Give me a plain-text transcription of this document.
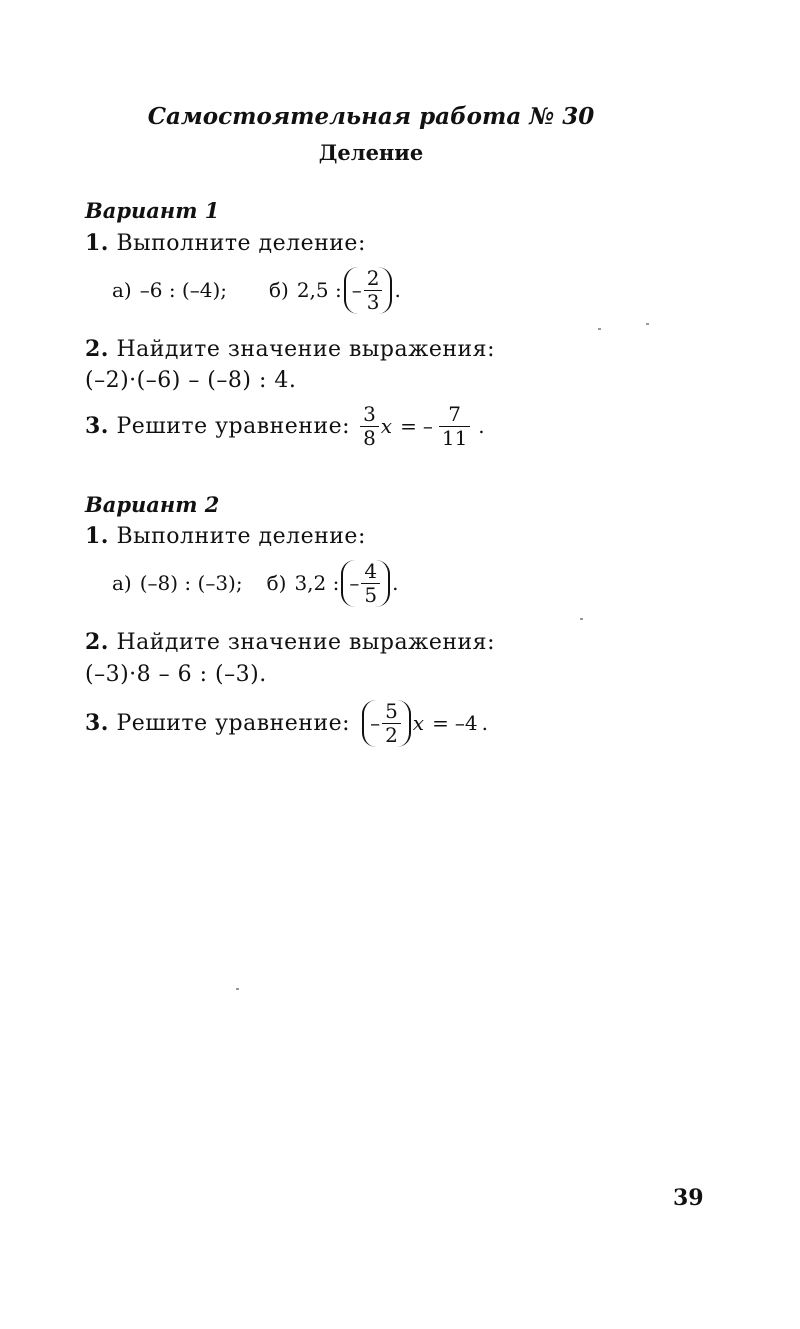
Самостоятельная работа № 30
Деление
Вариант 1
1. Выполните деление:
а) –6 : (–4); б) 2,5 : – $\frac{2}{3}$ .
2. Найдите значение выражения:
(–2)·(–6) – (–8) : 4.
3. Решите уравнение: $\frac{3}{8}$ x = – $\frac{7}{11}$ .
Вариант 2
1. Выполните деление:
а) (–8) : (–3); б) 3,2 : – $\frac{4}{5}$ .
2. Найдите значение выражения:
(–3)·8 – 6 : (–3).
3. Решите уравнение: – $\frac{5}{2}$ x = –4 .
39
